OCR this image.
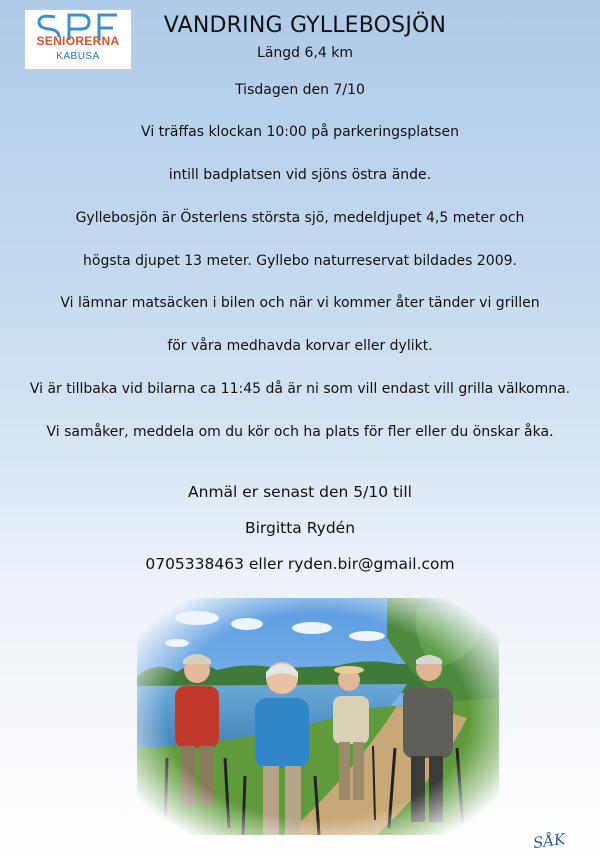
SENIORERNA
KABUSA
VANDRING GYLLEBOSJÖN
Längd 6,4 km
Tisdagen den 7/10
Vi träffas klockan 10:00 på parkeringsplatsen
intill badplatsen vid sjöns östra ände.
Gyllebosjön är Österlens största sjö, medeldjupet 4,5 meter och
högsta djupet 13 meter. Gyllebo naturreservat bildades 2009.
Vi lämnar matsäcken i bilen och när vi kommer åter tänder vi grillen
för våra medhavda korvar eller dylikt.
Vi är tillbaka vid bilarna ca 11:45 då är ni som vill endast vill grilla välkomna.
Vi samåker, meddela om du kör och ha plats för fler eller du önskar åka.
Anmäl er senast den 5/10 till
Birgitta Rydén
0705338463 eller ryden.bir@gmail.com
SÅK
